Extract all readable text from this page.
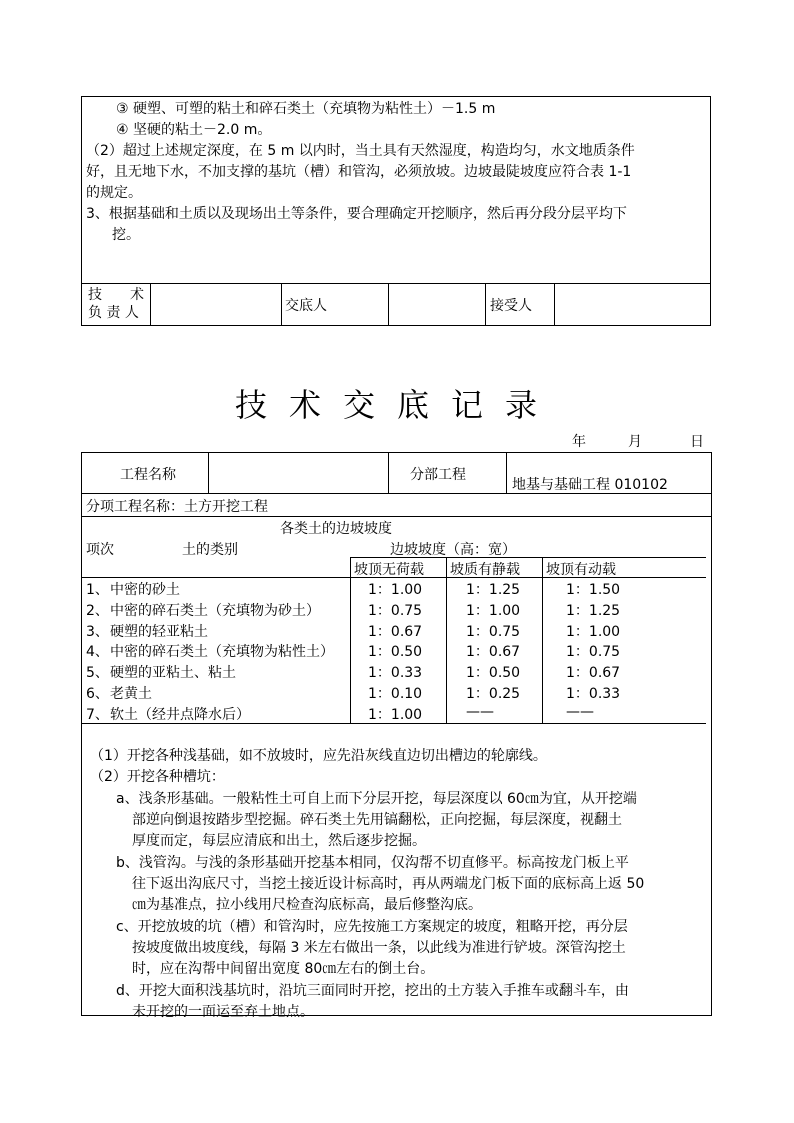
③ 硬塑、可塑的粘土和碎石类土（充填物为粘性土）－1.5 m
④ 坚硬的粘土－2.0 m。
（2）超过上述规定深度，在 5 m 以内时，当土具有天然湿度，构造均匀，水文地质条件
好，且无地下水，不加支撑的基坑（槽）和管沟，必须放坡。边坡最陡坡度应符合表 1-1
的规定。
3、根据基础和土质以及现场出土等条件，要合理确定开挖顺序，然后再分段分层平均下
挖。
技　　术
负 责 人	交底人	接受人
技术交底记录
年	月	日
工程名称	分部工程
地基与基础工程 010102
分项工程名称：土方开挖工程
各类土的边坡坡度
项次	土的类别	边坡坡度（高：宽）
坡顶无荷载 坡质有静载 坡顶有动载
1、 中密的砂土	1：1.00	1：1.25	1：1.50
2、 中密的碎石类土（充填物为砂土）	1：0.75	1：1.00	1：1.25
3、 硬塑的轻亚粘土	1：0.67	1：0.75	1：1.00
4、 中密的碎石类土（充填物为粘性土） 1：0.50	1：0.67	1：0.75
5、 硬塑的亚粘土、粘土	1：0.33	1：0.50	1：0.67
6、 老黄土	1：0.10	1：0.25	1：0.33
7、 软土（经井点降水后）	1：1.00	——	——
（1）开挖各种浅基础，如不放坡时，应先沿灰线直边切出槽边的轮廓线。
（2）开挖各种槽坑：
a、浅条形基础。一般粘性土可自上而下分层开挖，每层深度以 60㎝为宜，从开挖端
部逆向倒退按踏步型挖掘。碎石类土先用镐翻松，正向挖掘，每层深度，视翻土
厚度而定，每层应清底和出土，然后逐步挖掘。
b、浅管沟。与浅的条形基础开挖基本相同，仅沟帮不切直修平。标高按龙门板上平
往下返出沟底尺寸，当挖土接近设计标高时，再从两端龙门板下面的底标高上返 50
㎝为基准点，拉小线用尺检查沟底标高，最后修整沟底。
c、开挖放坡的坑（槽）和管沟时，应先按施工方案规定的坡度，粗略开挖，再分层
按坡度做出坡度线，每隔 3 米左右做出一条，以此线为准进行铲坡。深管沟挖土
时，应在沟帮中间留出宽度 80㎝左右的倒土台。
d、开挖大面积浅基坑时，沿坑三面同时开挖，挖出的土方装入手推车或翻斗车，由
未开挖的一面运至弃土地点。
